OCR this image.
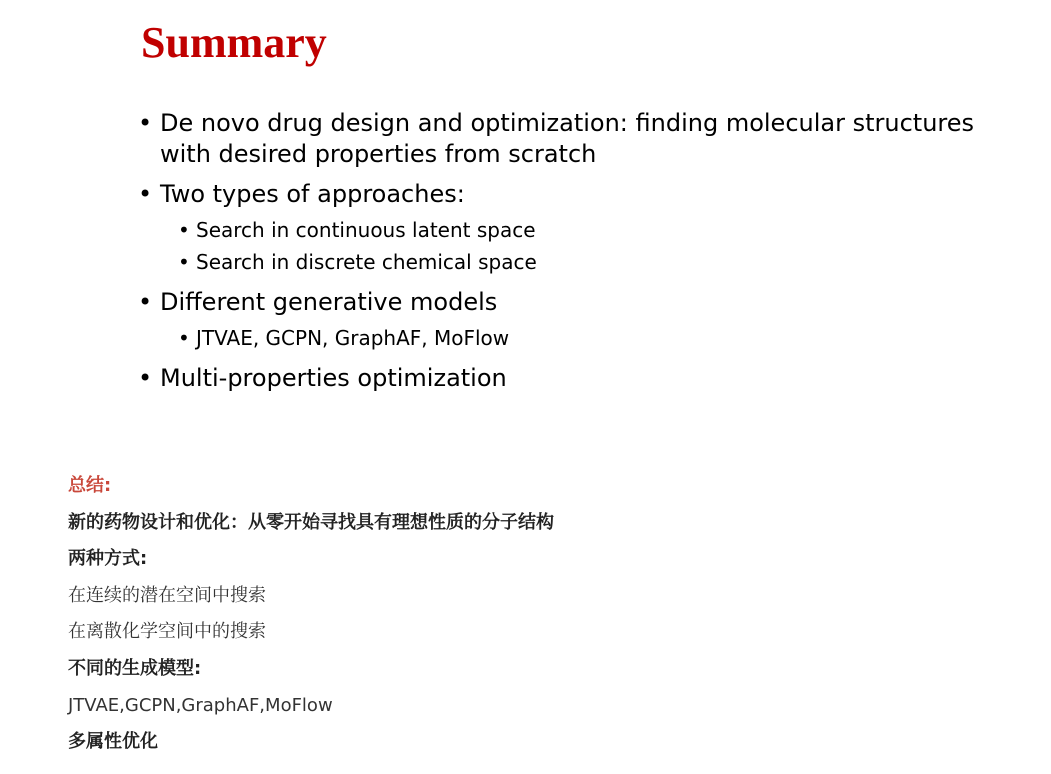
Summary
• De novo drug design and optimization: finding molecular structures with desired properties from scratch
• Two types of approaches:
• Search in continuous latent space
• Search in discrete chemical space
• Different generative models
• JTVAE, GCPN, GraphAF, MoFlow
• Multi-properties optimization
总结:
新的药物设计和优化：从零开始寻找具有理想性质的分子结构
两种方式:
在连续的潜在空间中搜索
在离散化学空间中的搜索
不同的生成模型:
JTVAE,GCPN,GraphAF,MoFlow
多属性优化
